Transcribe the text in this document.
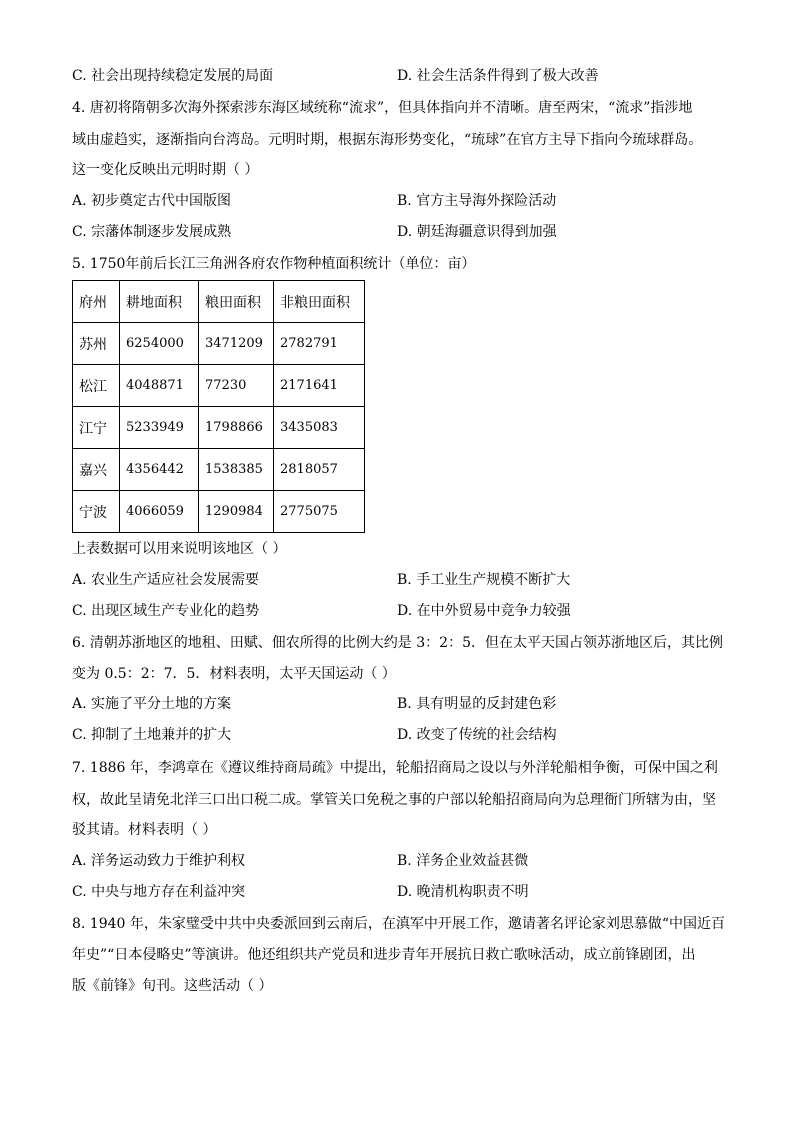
C. 社会出现持续稳定发展的局面	D. 社会生活条件得到了极大改善
4. 唐初将隋朝多次海外探索涉东海区域统称“流求”，但具体指向并不清晰。唐至两宋，“流求”指涉地
域由虚趋实，逐渐指向台湾岛。元明时期，根据东海形势变化，“琉球”在官方主导下指向今琉球群岛。
这一变化反映出元明时期（ ）
A. 初步奠定古代中国版图	B. 官方主导海外探险活动
C. 宗藩体制逐步发展成熟	D. 朝廷海疆意识得到加强
5. 1750年前后长江三角洲各府农作物种植面积统计（单位：亩）
府州	耕地面积	粮田面积	非粮田面积
苏州	6254000	3471209	2782791
松江	4048871	77230	2171641
江宁	5233949	1798866	3435083
嘉兴	4356442	1538385	2818057
宁波	4066059	1290984	2775075
上表数据可以用来说明该地区（ ）
A. 农业生产适应社会发展需要	B. 手工业生产规模不断扩大
C. 出现区域生产专业化的趋势	D. 在中外贸易中竞争力较强
6. 清朝苏浙地区的地租、田赋、佃农所得的比例大约是 3：2：5．但在太平天国占领苏浙地区后，其比例
变为 0.5：2：7．5．材料表明，太平天国运动（ ）
A. 实施了平分土地的方案	B. 具有明显的反封建色彩
C. 抑制了土地兼并的扩大	D. 改变了传统的社会结构
7. 1886 年，李鸿章在《遵议维持商局疏》中提出，轮船招商局之设以与外洋轮船相争衡，可保中国之利
权，故此呈请免北洋三口出口税二成。掌管关口免税之事的户部以轮船招商局向为总理衙门所辖为由，坚
驳其请。材料表明（ ）
A. 洋务运动致力于维护利权	B. 洋务企业效益甚微
C. 中央与地方存在利益冲突	D. 晚清机构职责不明
8. 1940 年，朱家璧受中共中央委派回到云南后，在滇军中开展工作，邀请著名评论家刘思慕做“中国近百
年史”“日本侵略史”等演讲。他还组织共产党员和进步青年开展抗日救亡歌咏活动，成立前锋剧团，出
版《前锋》旬刊。这些活动（ ）
